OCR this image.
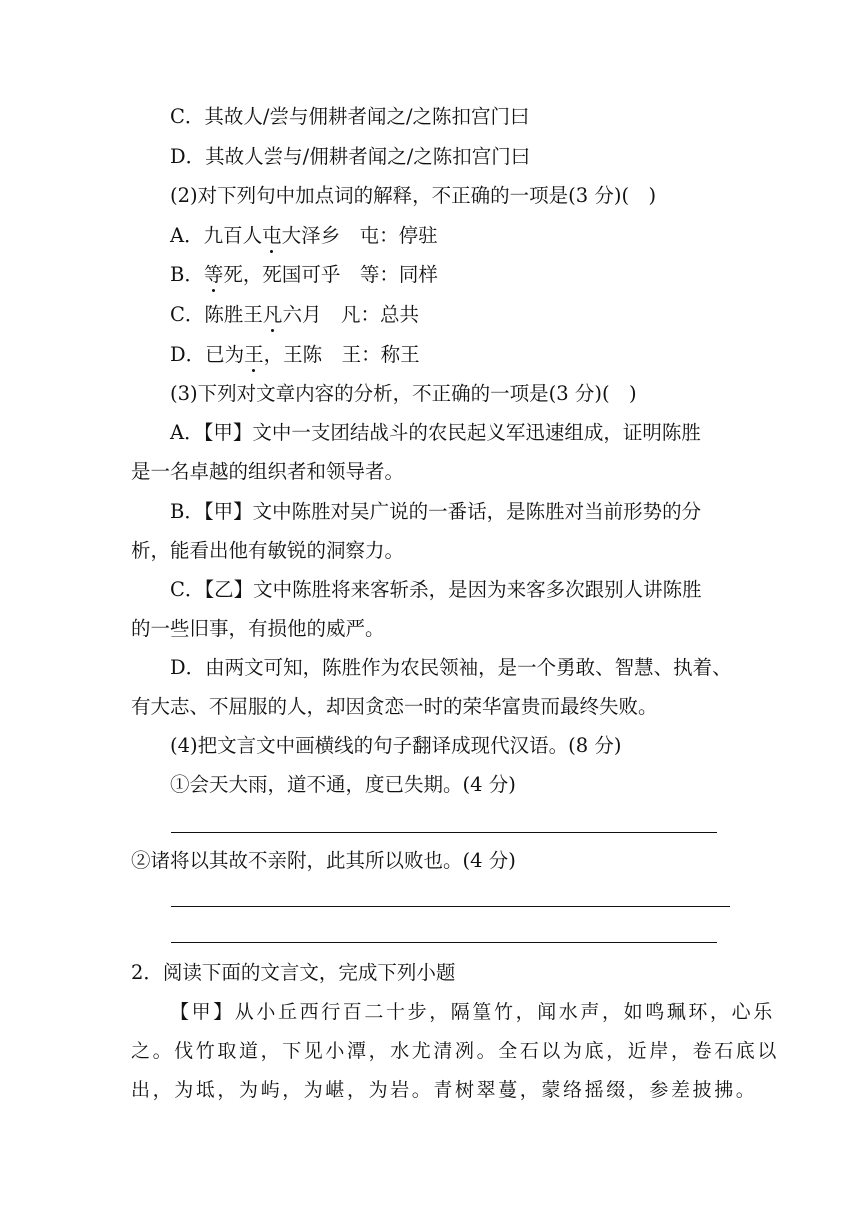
C．其故人/尝与佣耕者闻之/之陈扣宫门曰

D．其故人尝与/佣耕者闻之/之陈扣宫门曰

(2)对下列句中加点词的解释，不正确的一项是(3 分)(　)

A．九百人屯大泽乡　屯：停驻

B．等死，死国可乎　等：同样

C．陈胜王凡六月　凡：总共

D．已为王，王陈　王：称王

(3)下列对文章内容的分析，不正确的一项是(3 分)(　)

A．【甲】文中一支团结战斗的农民起义军迅速组成，证明陈胜

是一名卓越的组织者和领导者。

B．【甲】文中陈胜对吴广说的一番话，是陈胜对当前形势的分

析，能看出他有敏锐的洞察力。

C．【乙】文中陈胜将来客斩杀，是因为来客多次跟别人讲陈胜

的一些旧事，有损他的威严。

D．由两文可知，陈胜作为农民领袖，是一个勇敢、智慧、执着、

有大志、不屈服的人，却因贪恋一时的荣华富贵而最终失败。

(4)把文言文中画横线的句子翻译成现代汉语。(8 分)

①会天大雨，道不通，度已失期。(4 分)

②诸将以其故不亲附，此其所以败也。(4 分)

2．阅读下面的文言文，完成下列小题

【甲】从小丘西行百二十步，隔篁竹，闻水声，如鸣珮环，心乐

之。伐竹取道，下见小潭，水尤清冽。全石以为底，近岸，卷石底以

出，为坻，为屿，为嵁，为岩。青树翠蔓，蒙络摇缀，参差披拂。
